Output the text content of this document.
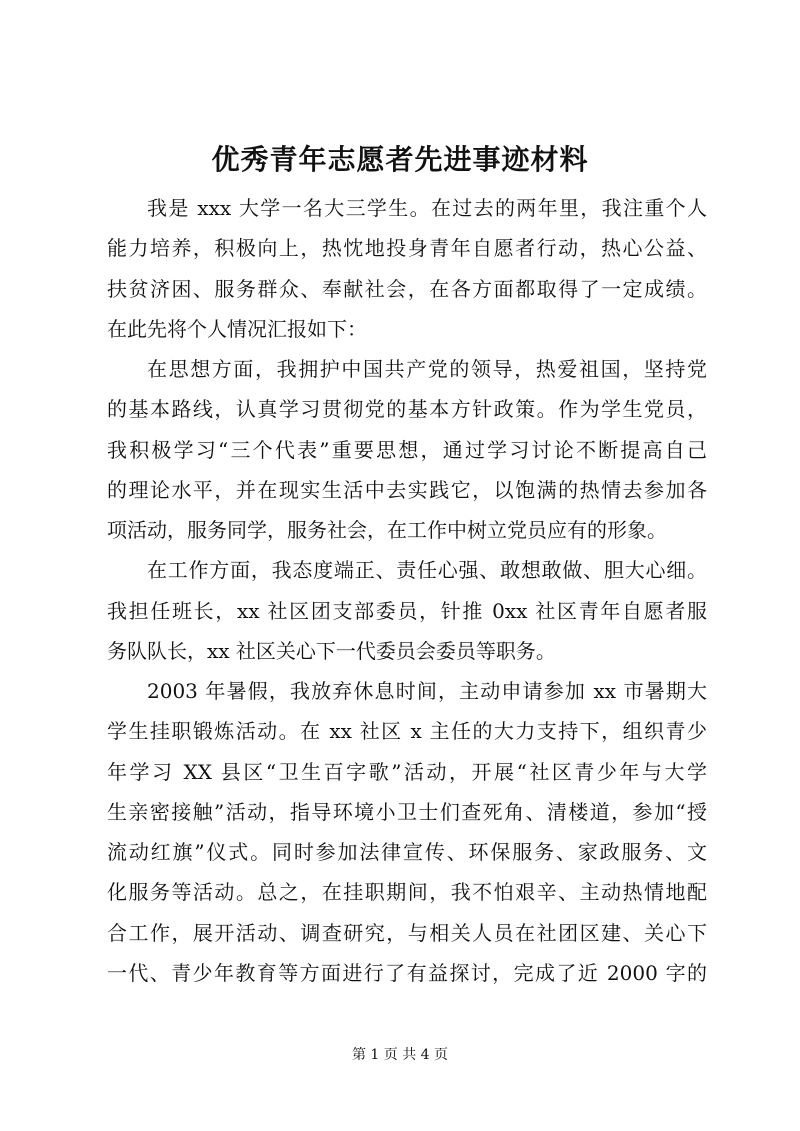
优秀青年志愿者先进事迹材料
我是 xxx 大学一名大三学生。在过去的两年里，我注重个人
能力培养，积极向上，热忱地投身青年自愿者行动，热心公益、
扶贫济困、服务群众、奉献社会，在各方面都取得了一定成绩。
在此先将个人情况汇报如下：
在思想方面，我拥护中国共产党的领导，热爱祖国，坚持党
的基本路线，认真学习贯彻党的基本方针政策。作为学生党员，
我积极学习“三个代表”重要思想，通过学习讨论不断提高自己
的理论水平，并在现实生活中去实践它，以饱满的热情去参加各
项活动，服务同学，服务社会，在工作中树立党员应有的形象。
在工作方面，我态度端正、责任心强、敢想敢做、胆大心细。
我担任班长，xx 社区团支部委员，针推 0xx 社区青年自愿者服
务队队长，xx 社区关心下一代委员会委员等职务。
2003 年暑假，我放弃休息时间，主动申请参加 xx 市暑期大
学生挂职锻炼活动。在 xx 社区 x 主任的大力支持下，组织青少
年学习 XX 县区“卫生百字歌”活动，开展“社区青少年与大学
生亲密接触”活动，指导环境小卫士们查死角、清楼道，参加“授
流动红旗”仪式。同时参加法律宣传、环保服务、家政服务、文
化服务等活动。总之，在挂职期间，我不怕艰辛、主动热情地配
合工作，展开活动、调查研究，与相关人员在社团区建、关心下
一代、青少年教育等方面进行了有益探讨，完成了近 2000 字的
第 1 页 共 4 页
